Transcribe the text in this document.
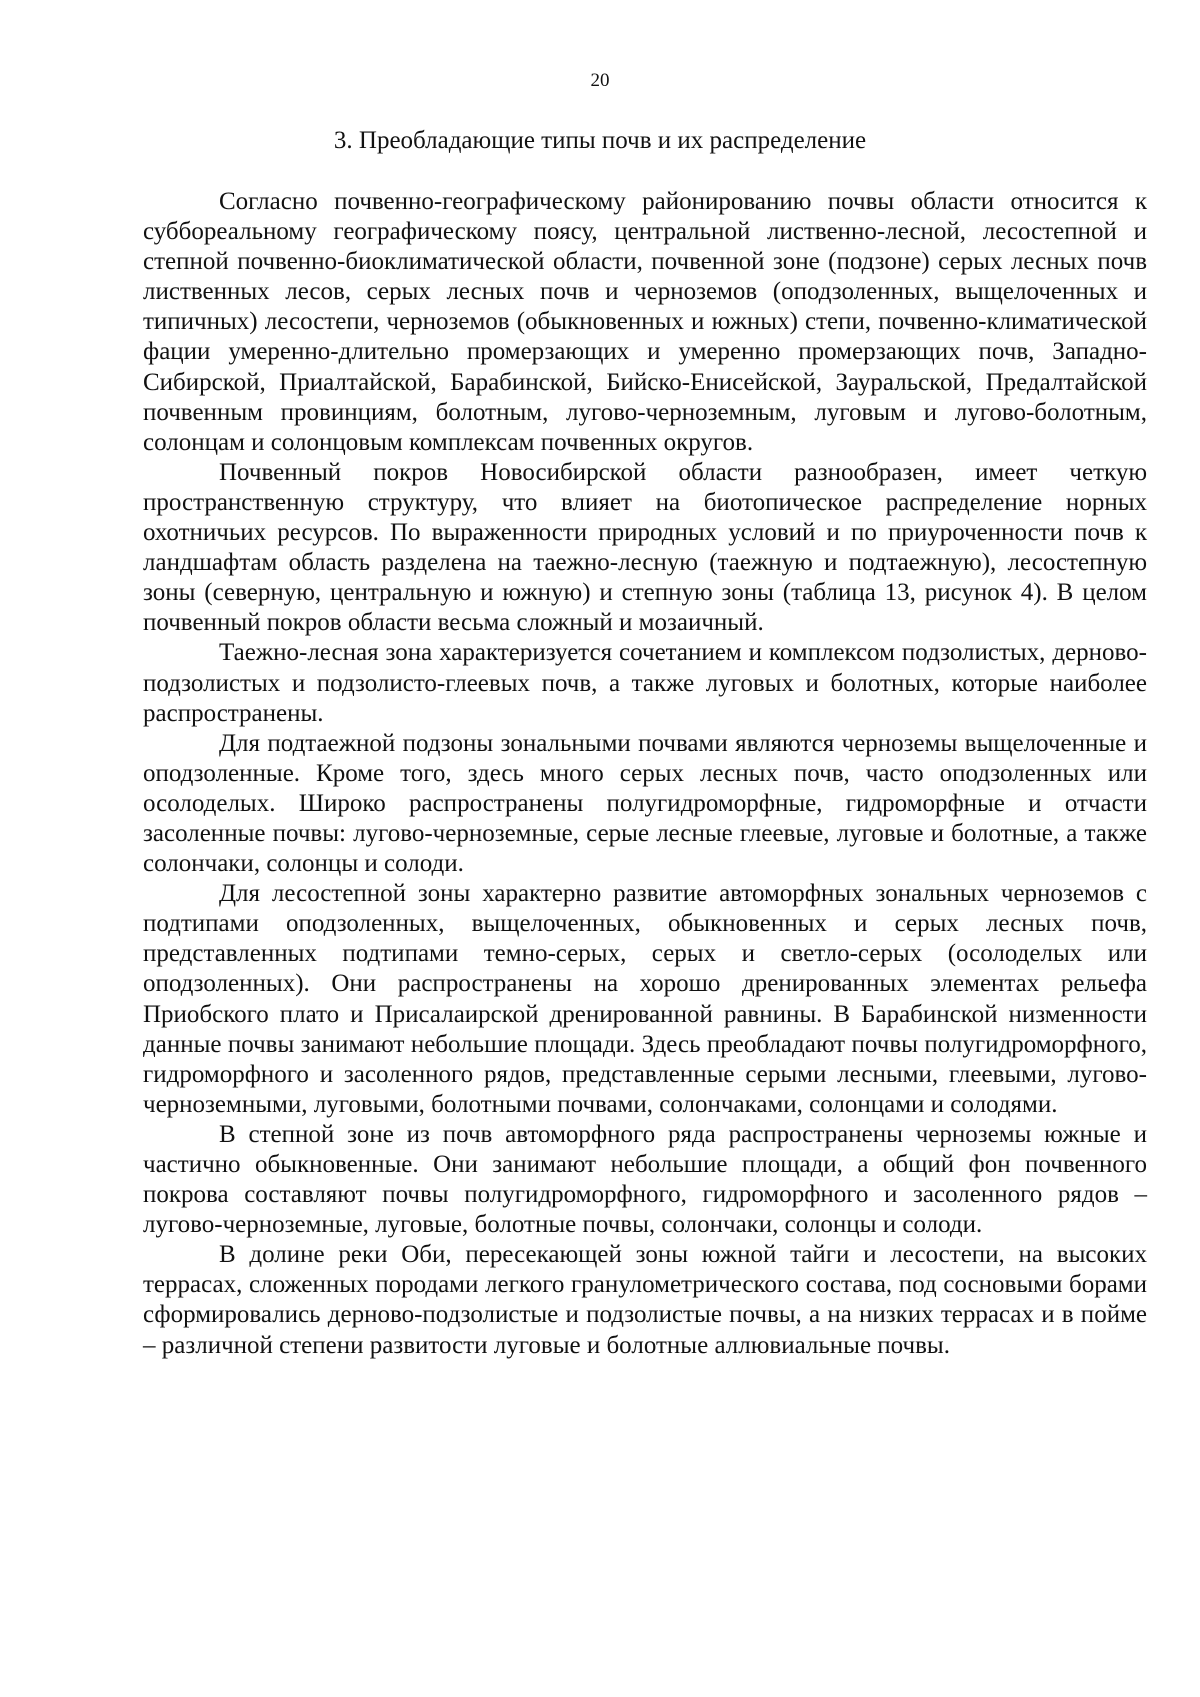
20
3. Преобладающие типы почв и их распределение

Согласно почвенно-географическому районированию почвы области относится к суббореальному географическому поясу, центральной лиственно-лесной, лесостепной и степной почвенно-биоклиматической области, почвенной зоне (подзоне) серых лесных почв лиственных лесов, серых лесных почв и черноземов (оподзоленных, выщелоченных и типичных) лесостепи, черноземов (обыкновенных и южных) степи, почвенно-климатической фации умеренно-длительно промерзающих и умеренно промерзающих почв, Западно-Сибирской, Приалтайской, Барабинской, Бийско-Енисейской, Зауральской, Предалтайской почвенным провинциям, болотным, лугово-черноземным, луговым и лугово-болотным, солонцам и солонцовым комплексам почвенных округов.

Почвенный покров Новосибирской области разнообразен, имеет четкую пространственную структуру, что влияет на биотопическое распределение норных охотничьих ресурсов. По выраженности природных условий и по приуроченности почв к ландшафтам область разделена на таежно-лесную (таежную и подтаежную), лесостепную зоны (северную, центральную и южную) и степную зоны (таблица 13, рисунок 4). В целом почвенный покров области весьма сложный и мозаичный.

Таежно-лесная зона характеризуется сочетанием и комплексом подзолистых, дерново-подзолистых и подзолисто-глеевых почв, а также луговых и болотных, которые наиболее распространены.

Для подтаежной подзоны зональными почвами являются черноземы выщелоченные и оподзоленные. Кроме того, здесь много серых лесных почв, часто оподзоленных или осолоделых. Широко распространены полугидроморфные, гидроморфные и отчасти засоленные почвы: лугово-черноземные, серые лесные глеевые, луговые и болотные, а также солончаки, солонцы и солоди.

Для лесостепной зоны характерно развитие автоморфных зональных черноземов с подтипами оподзоленных, выщелоченных, обыкновенных и серых лесных почв, представленных подтипами темно-серых, серых и светло-серых (осолоделых или оподзоленных). Они распространены на хорошо дренированных элементах рельефа Приобского плато и Присалаирской дренированной равнины. В Барабинской низменности данные почвы занимают небольшие площади. Здесь преобладают почвы полугидроморфного, гидроморфного и засоленного рядов, представленные серыми лесными, глеевыми, лугово-черноземными, луговыми, болотными почвами, солончаками, солонцами и солодями.

В степной зоне из почв автоморфного ряда распространены черноземы южные и частично обыкновенные. Они занимают небольшие площади, а общий фон почвенного покрова составляют почвы полугидроморфного, гидроморфного и засоленного рядов – лугово-черноземные, луговые, болотные почвы, солончаки, солонцы и солоди.

В долине реки Оби, пересекающей зоны южной тайги и лесостепи, на высоких террасах, сложенных породами легкого гранулометрического состава, под сосновыми борами сформировались дерново-подзолистые и подзолистые почвы, а на низких террасах и в пойме – различной степени развитости луговые и болотные аллювиальные почвы.
